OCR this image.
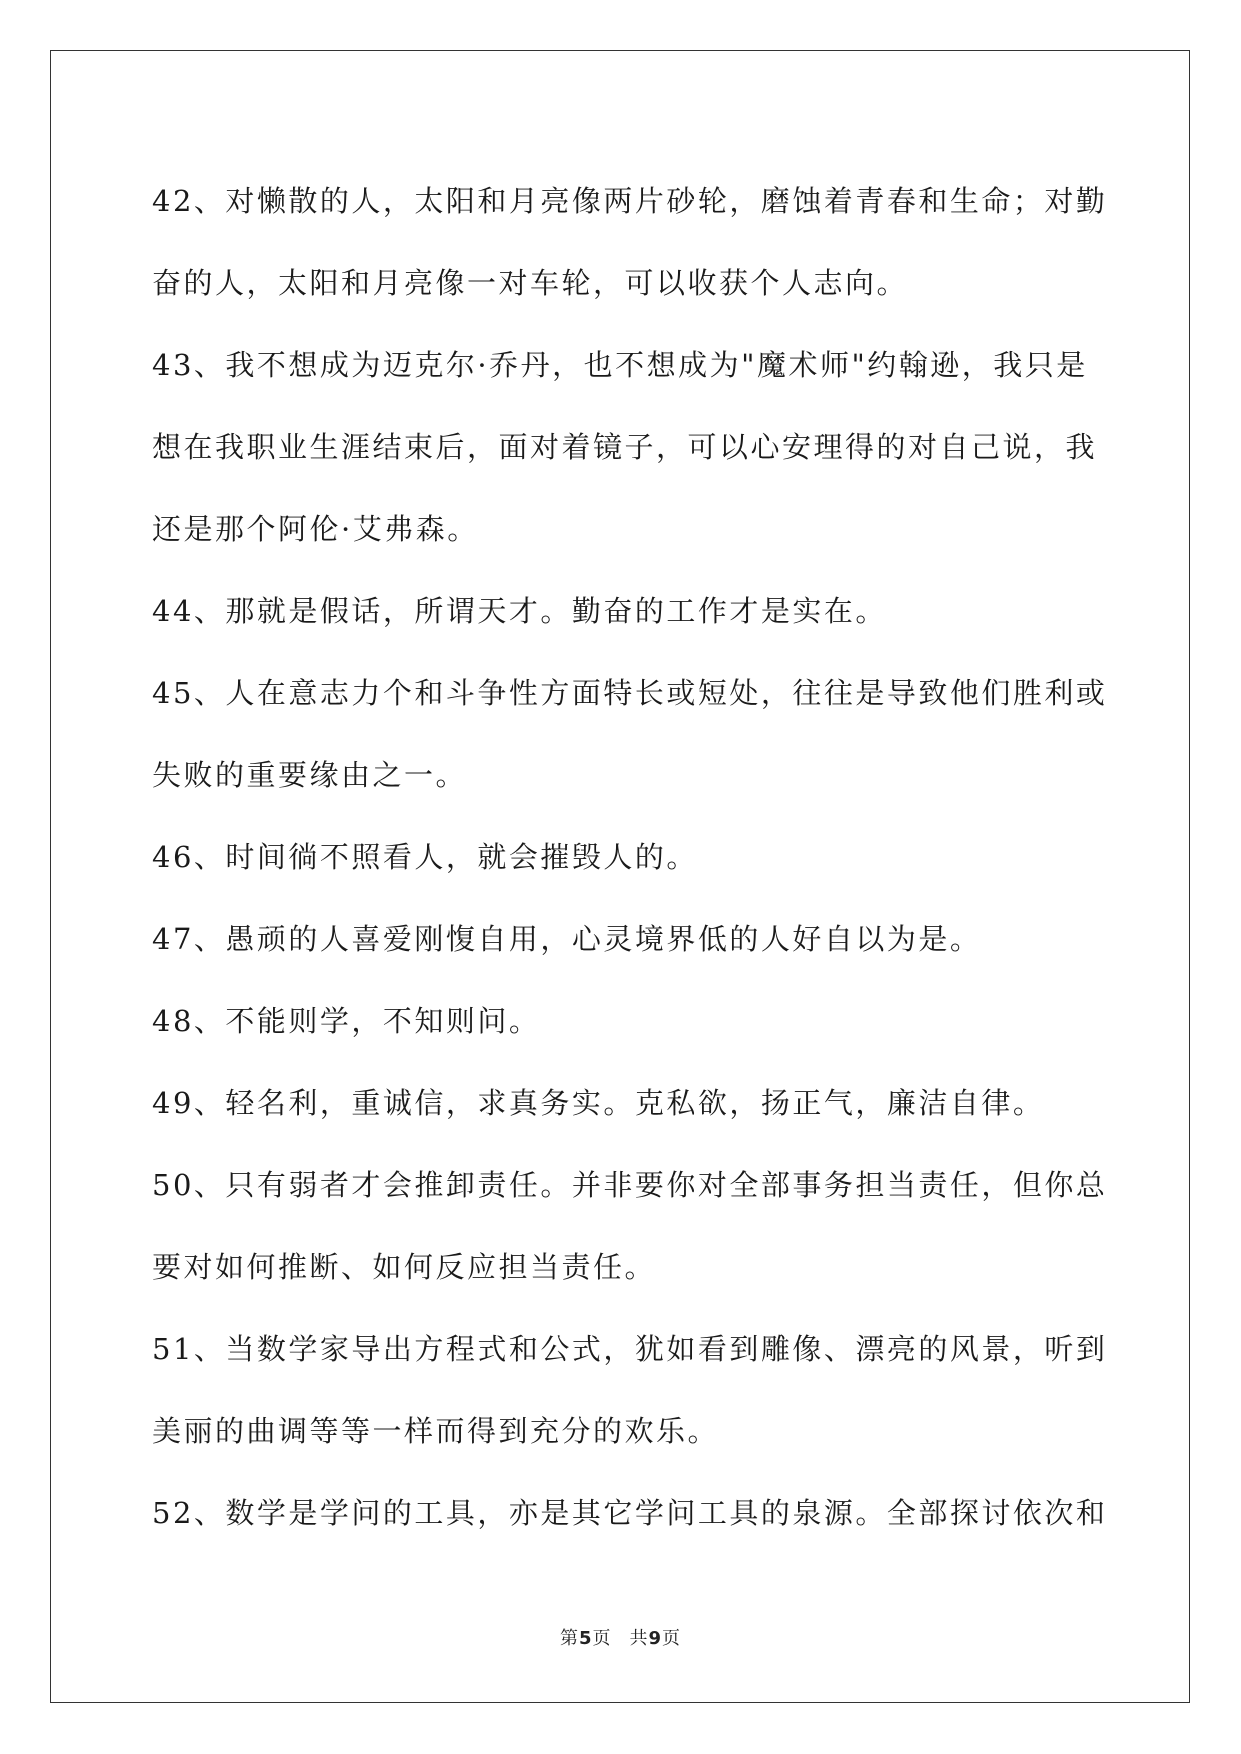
42、对懒散的人，太阳和月亮像两片砂轮，磨蚀着青春和生命；对勤
奋的人，太阳和月亮像一对车轮，可以收获个人志向。

43、我不想成为迈克尔·乔丹，也不想成为"魔术师"约翰逊，我只是
想在我职业生涯结束后，面对着镜子，可以心安理得的对自己说，我
还是那个阿伦·艾弗森。

44、那就是假话，所谓天才。勤奋的工作才是实在。

45、人在意志力个和斗争性方面特长或短处，往往是导致他们胜利或
失败的重要缘由之一。

46、时间徜不照看人，就会摧毁人的。

47、愚顽的人喜爱刚愎自用，心灵境界低的人好自以为是。

48、不能则学，不知则问。

49、轻名利，重诚信，求真务实。克私欲，扬正气，廉洁自律。

50、只有弱者才会推卸责任。并非要你对全部事务担当责任，但你总
要对如何推断、如何反应担当责任。

51、当数学家导出方程式和公式，犹如看到雕像、漂亮的风景，听到
美丽的曲调等等一样而得到充分的欢乐。

52、数学是学问的工具，亦是其它学问工具的泉源。全部探讨依次和

第5页 共9页
